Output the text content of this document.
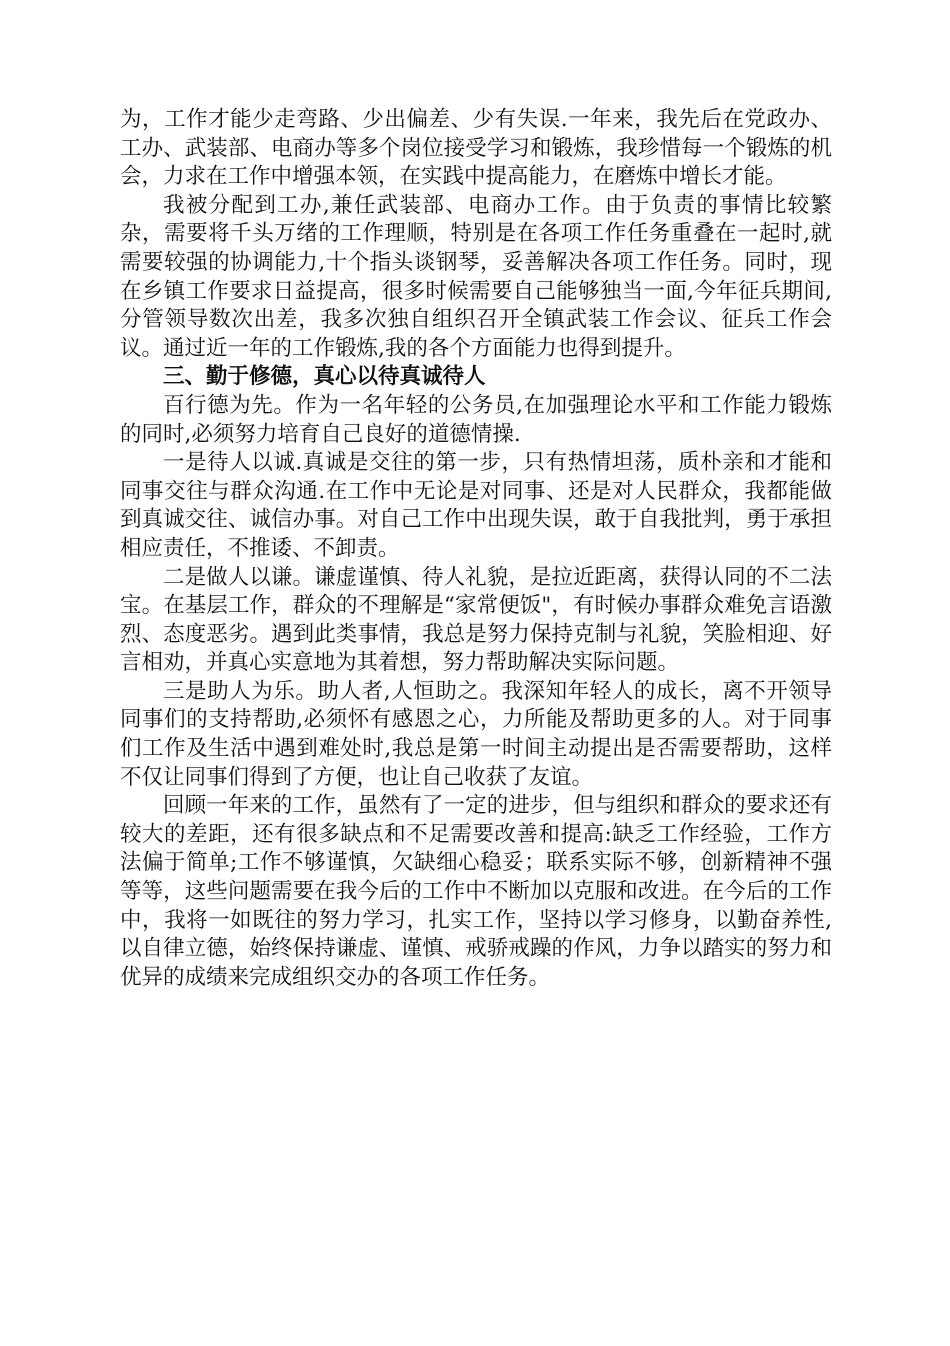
为，工作才能少走弯路、少出偏差、少有失误.一年来，我先后在党政办、工办、武装部、电商办等多个岗位接受学习和锻炼，我珍惜每一个锻炼的机会，力求在工作中增强本领，在实践中提高能力，在磨炼中增长才能。

我被分配到工办,兼任武装部、电商办工作。由于负责的事情比较繁杂，需要将千头万绪的工作理顺，特别是在各项工作任务重叠在一起时,就需要较强的协调能力,十个指头谈钢琴，妥善解决各项工作任务。同时，现在乡镇工作要求日益提高，很多时候需要自己能够独当一面,今年征兵期间,分管领导数次出差，我多次独自组织召开全镇武装工作会议、征兵工作会议。通过近一年的工作锻炼,我的各个方面能力也得到提升。

三、勤于修德，真心以待真诚待人

百行德为先。作为一名年轻的公务员,在加强理论水平和工作能力锻炼的同时,必须努力培育自己良好的道德情操.

一是待人以诚.真诚是交往的第一步，只有热情坦荡，质朴亲和才能和同事交往与群众沟通.在工作中无论是对同事、还是对人民群众，我都能做到真诚交往、诚信办事。对自己工作中出现失误，敢于自我批判，勇于承担相应责任，不推诿、不卸责。

二是做人以谦。谦虚谨慎、待人礼貌，是拉近距离，获得认同的不二法宝。在基层工作，群众的不理解是“家常便饭"，有时候办事群众难免言语激烈、态度恶劣。遇到此类事情，我总是努力保持克制与礼貌，笑脸相迎、好言相劝，并真心实意地为其着想，努力帮助解决实际问题。

三是助人为乐。助人者,人恒助之。我深知年轻人的成长，离不开领导同事们的支持帮助,必须怀有感恩之心，力所能及帮助更多的人。对于同事们工作及生活中遇到难处时,我总是第一时间主动提出是否需要帮助，这样不仅让同事们得到了方便，也让自己收获了友谊。

回顾一年来的工作，虽然有了一定的进步，但与组织和群众的要求还有较大的差距，还有很多缺点和不足需要改善和提高:缺乏工作经验，工作方法偏于简单;工作不够谨慎，欠缺细心稳妥；联系实际不够，创新精神不强等等，这些问题需要在我今后的工作中不断加以克服和改进。在今后的工作中，我将一如既往的努力学习，扎实工作，坚持以学习修身，以勤奋养性,以自律立德，始终保持谦虚、谨慎、戒骄戒躁的作风，力争以踏实的努力和优异的成绩来完成组织交办的各项工作任务。
